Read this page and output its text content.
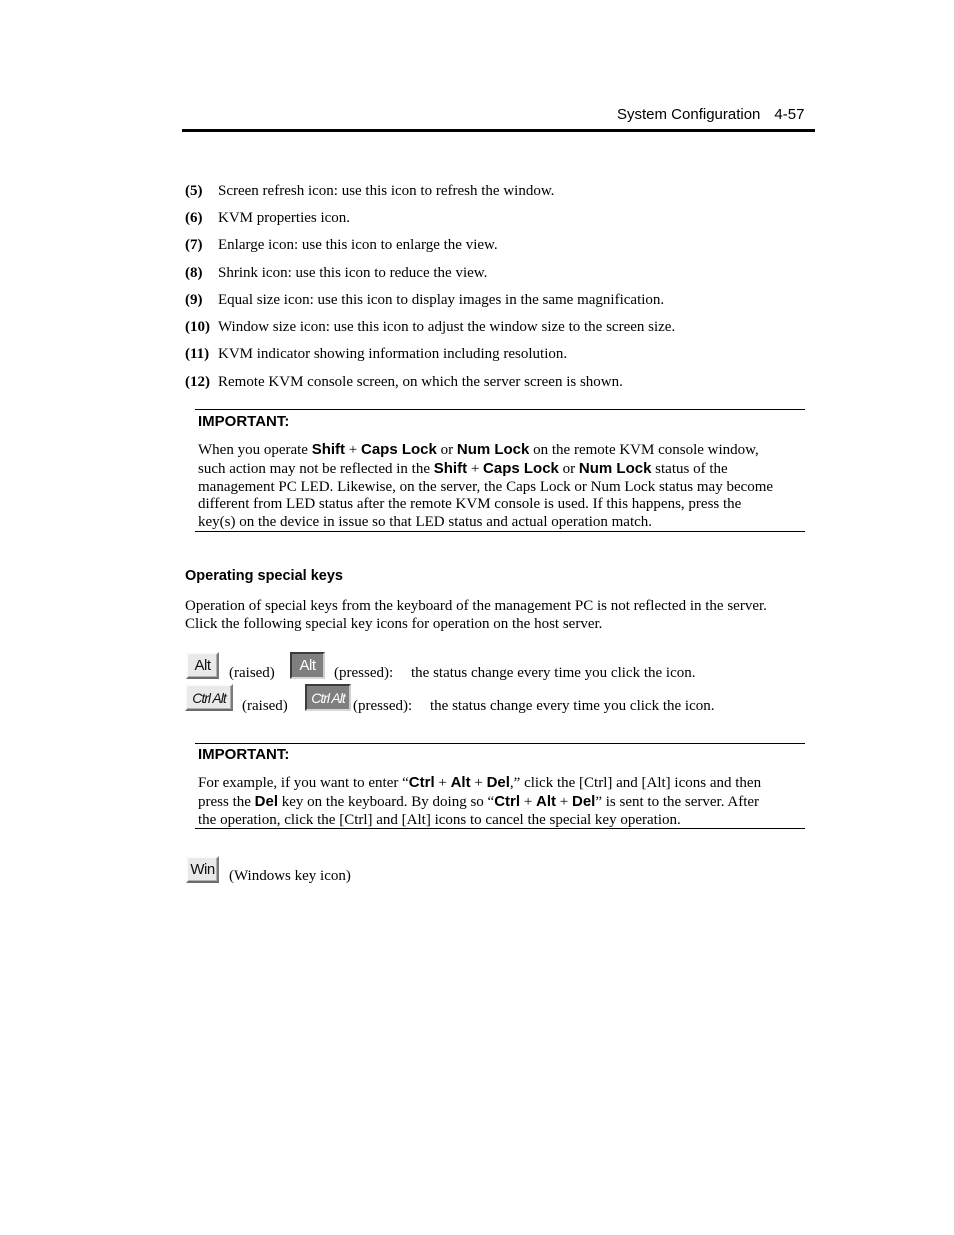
System Configuration 4-57
(5) Screen refresh icon: use this icon to refresh the window.
(6) KVM properties icon.
(7) Enlarge icon: use this icon to enlarge the view.
(8) Shrink icon: use this icon to reduce the view.
(9) Equal size icon: use this icon to display images in the same magnification.
(10) Window size icon: use this icon to adjust the window size to the screen size.
(11) KVM indicator showing information including resolution.
(12) Remote KVM console screen, on which the server screen is shown.
IMPORTANT:
When you operate Shift + Caps Lock or Num Lock on the remote KVM console window,
such action may not be reflected in the Shift + Caps Lock or Num Lock status of the
management PC LED. Likewise, on the server, the Caps Lock or Num Lock status may become
different from LED status after the remote KVM console is used. If this happens, press the
key(s) on the device in issue so that LED status and actual operation match.
Operating special keys
Operation of special keys from the keyboard of the management PC is not reflected in the server.
Click the following special key icons for operation on the host server.
Alt (raised) Alt (pressed): the status change every time you click the icon.
Ctrl Alt
(raised)
Ctrl Alt
(pressed): the status change every time you click the icon.
IMPORTANT:
For example, if you want to enter “Ctrl + Alt + Del,” click the [Ctrl] and [Alt] icons and then
press the Del key on the keyboard. By doing so “Ctrl + Alt + Del” is sent to the server. After
the operation, click the [Ctrl] and [Alt] icons to cancel the special key operation.
Win (Windows key icon)
